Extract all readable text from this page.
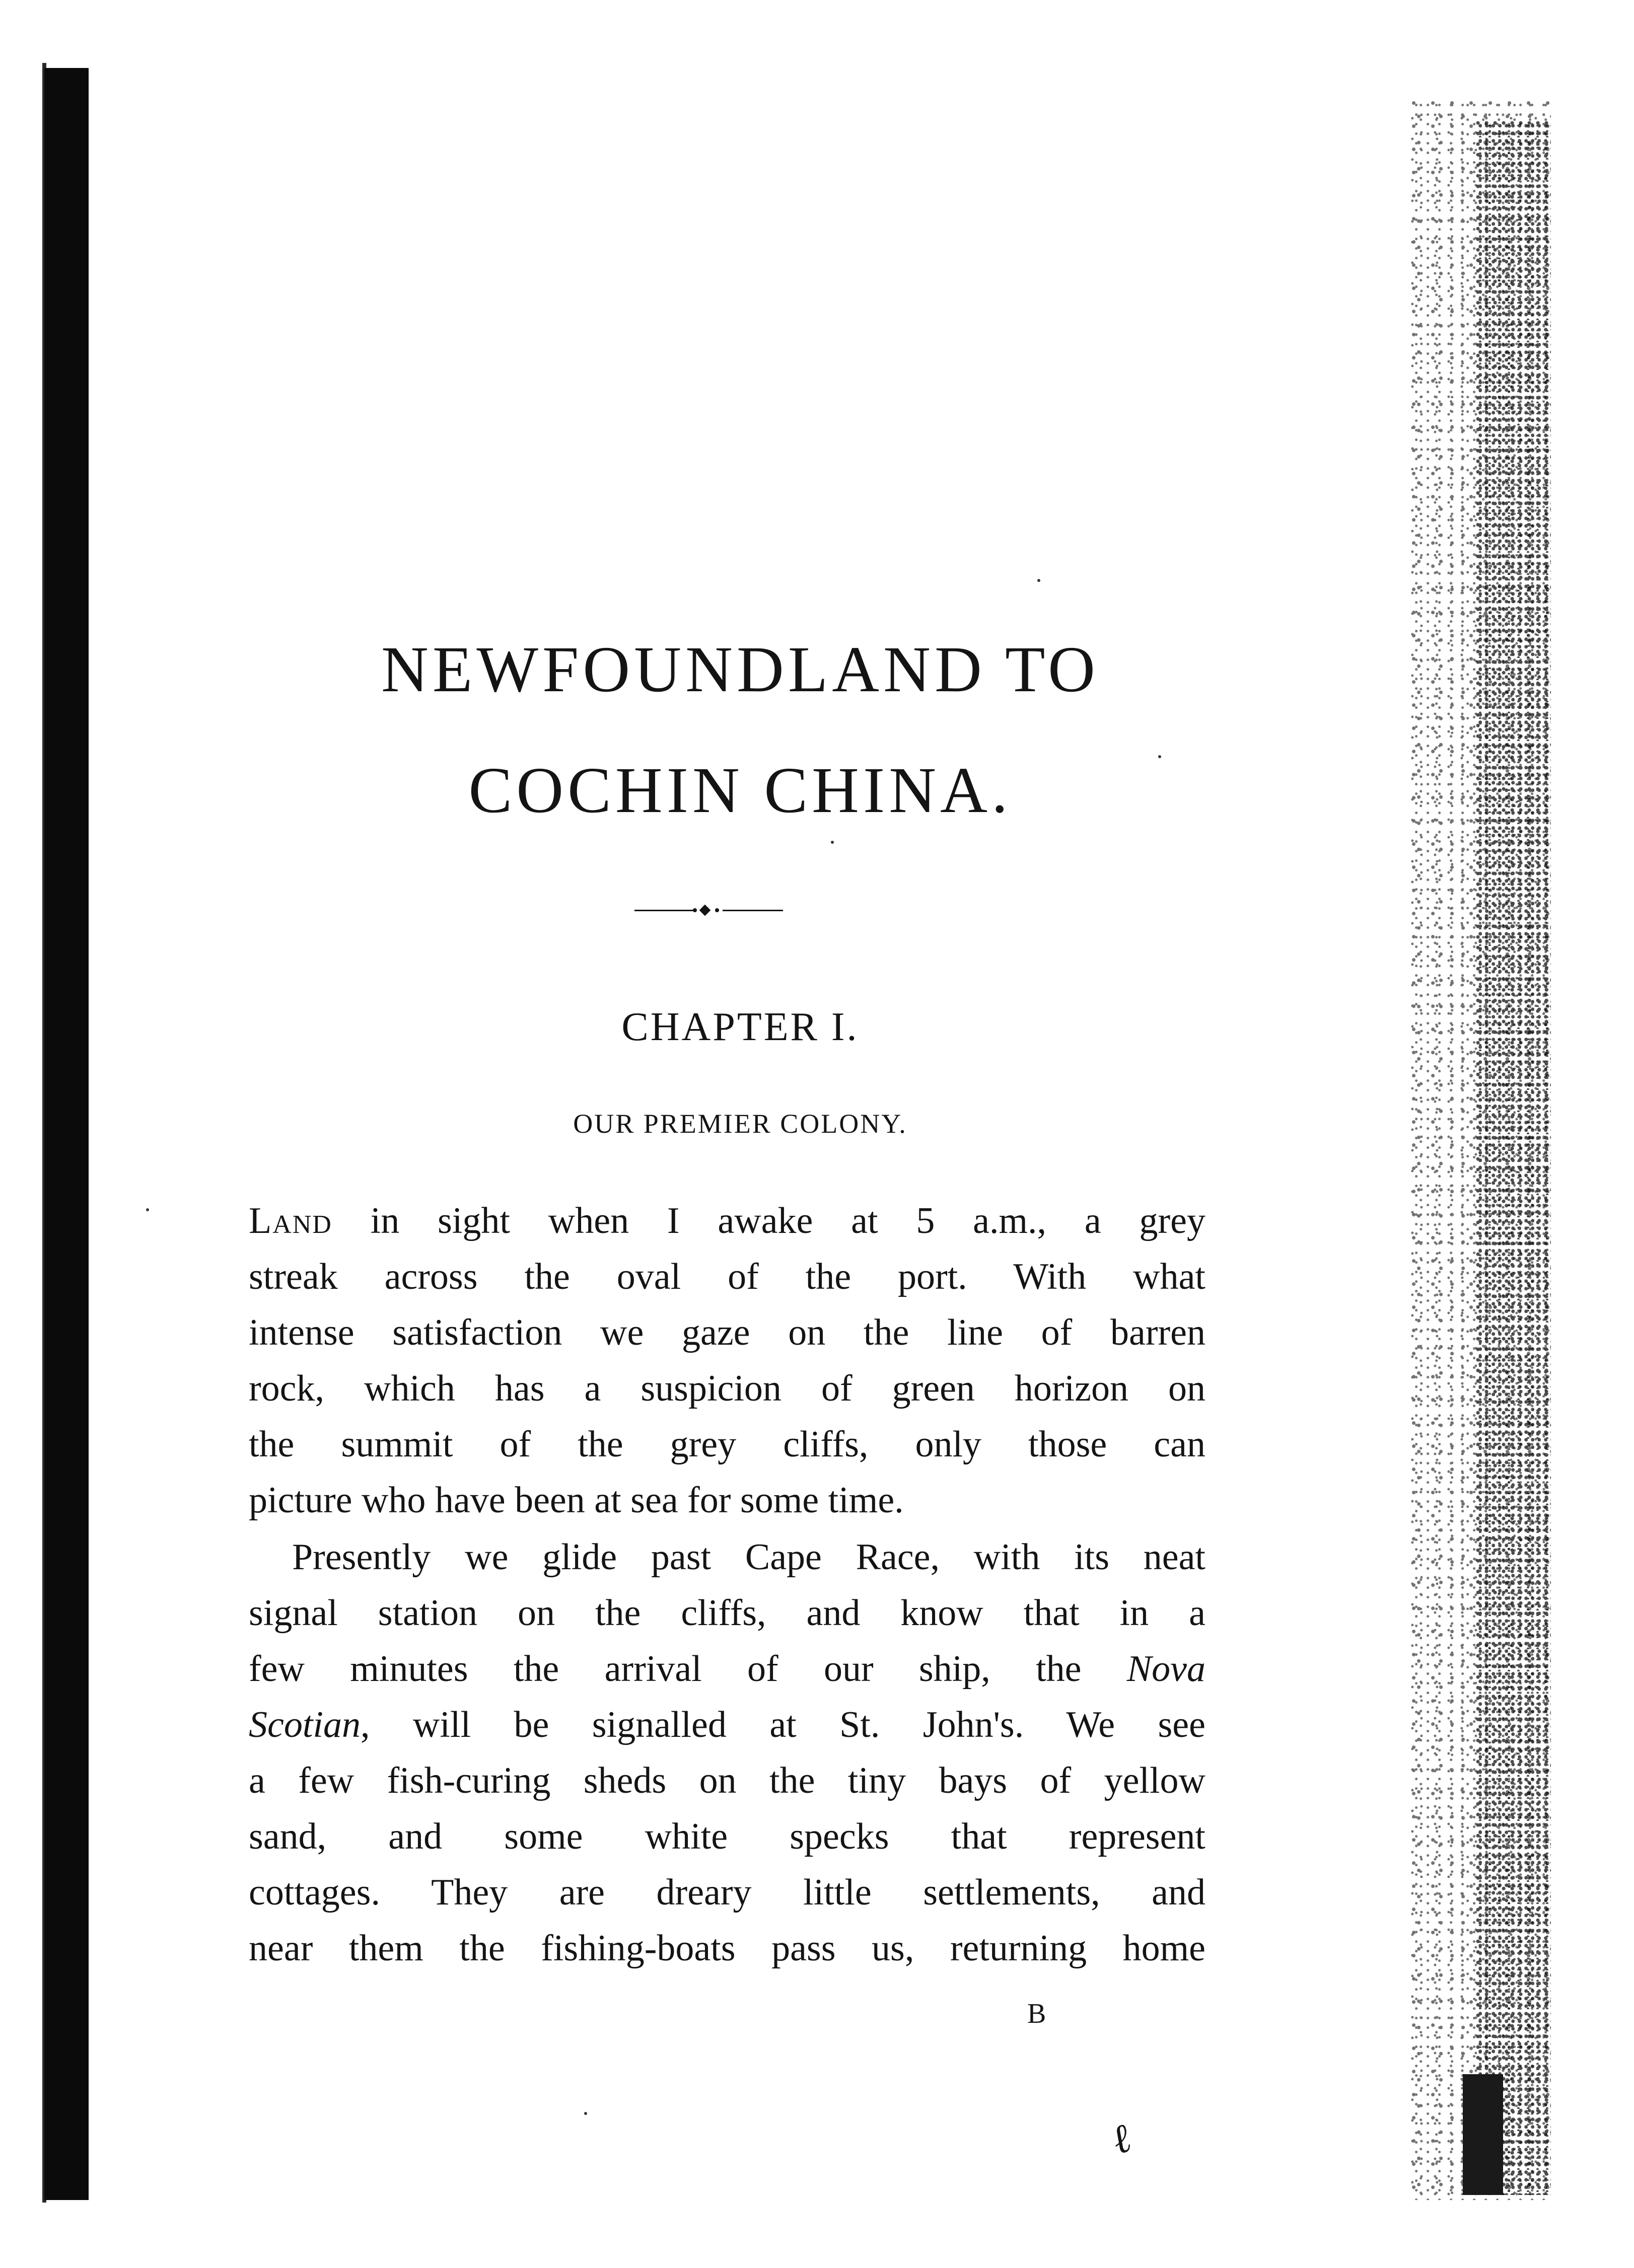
NEWFOUNDLAND TO
COCHIN CHINA.
CHAPTER I.
OUR PREMIER COLONY.
Land in sight when I awake at 5 a.m., a grey
streak across the oval of the port. With what
intense satisfaction we gaze on the line of barren
rock, which has a suspicion of green horizon on
the summit of the grey cliffs, only those can
picture who have been at sea for some time.
Presently we glide past Cape Race, with its neat
signal station on the cliffs, and know that in a
few minutes the arrival of our ship, the Nova
Scotian, will be signalled at St. John's. We see
a few fish-curing sheds on the tiny bays of yellow
sand, and some white specks that represent
cottages. They are dreary little settlements, and
near them the fishing-boats pass us, returning home
B
ℓ
